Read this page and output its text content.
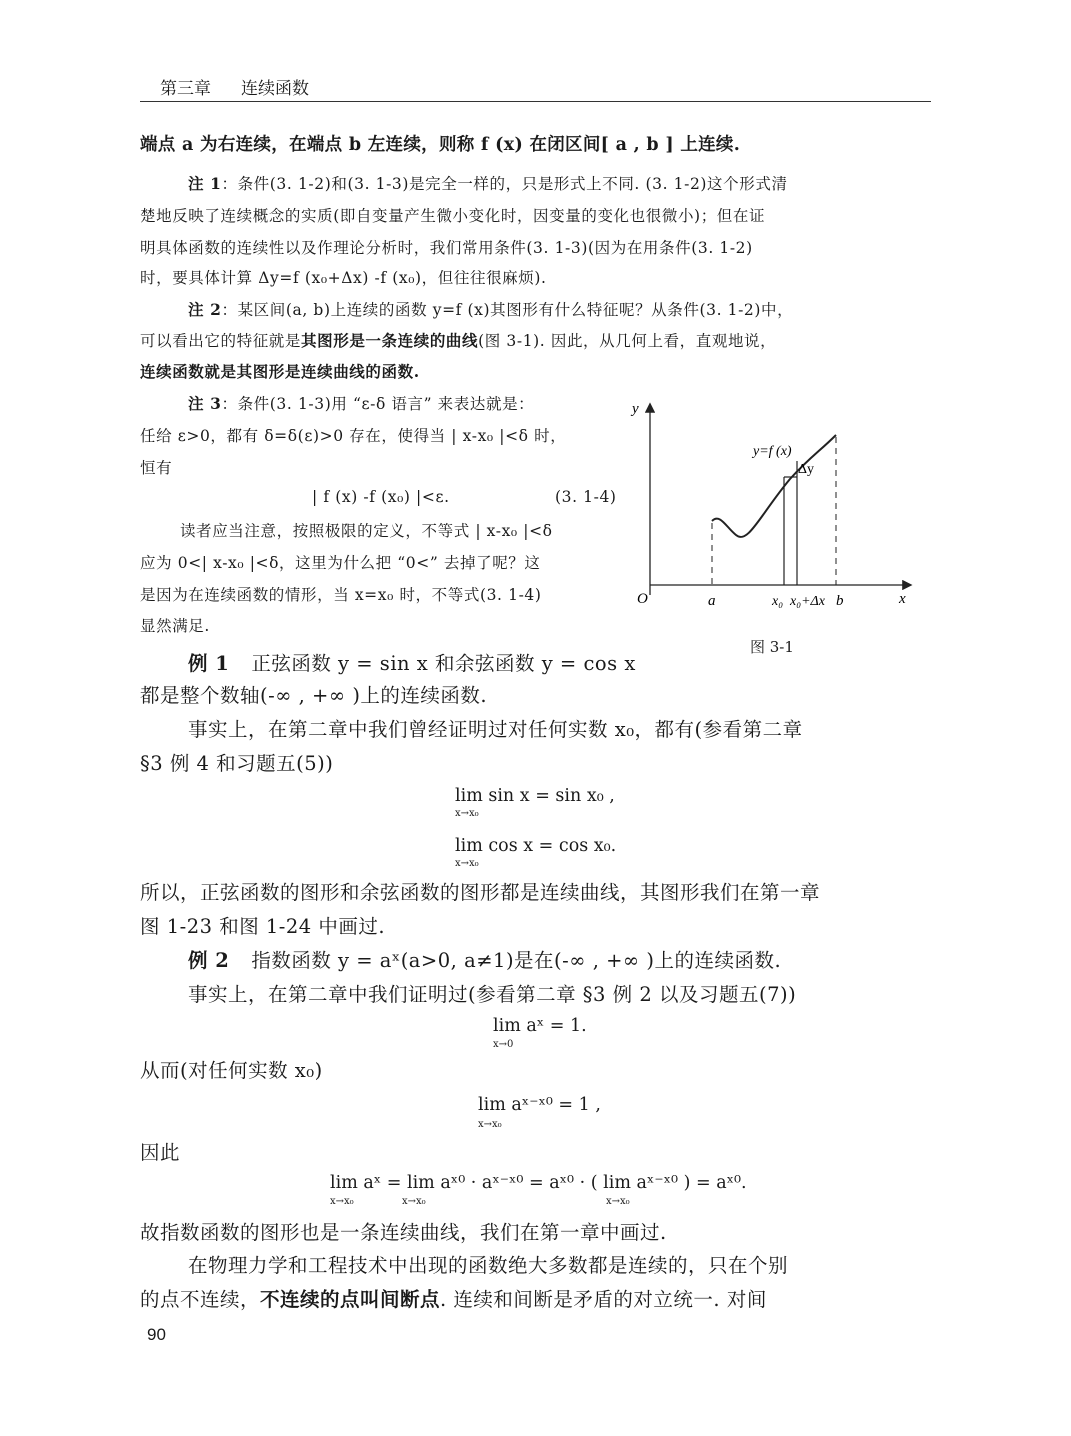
第三章 连续函数
端点 a 为右连续，在端点 b 左连续，则称 f (x) 在闭区间[ a , b ] 上连续.
注 1：条件(3. 1-2)和(3. 1-3)是完全一样的，只是形式上不同. (3. 1-2)这个形式清
楚地反映了连续概念的实质(即自变量产生微小变化时，因变量的变化也很微小)；但在证
明具体函数的连续性以及作理论分析时，我们常用条件(3. 1-3)(因为在用条件(3. 1-2)
时，要具体计算 Δy=f (x₀+Δx) -f (x₀)，但往往很麻烦).
注 2：某区间(a, b)上连续的函数 y=f (x)其图形有什么特征呢？从条件(3. 1-2)中，
可以看出它的特征就是其图形是一条连续的曲线(图 3-1). 因此，从几何上看，直观地说，
连续函数就是其图形是连续曲线的函数.
注 3：条件(3. 1-3)用 “ε-δ 语言” 来表达就是：
任给 ε>0，都有 δ=δ(ε)>0 存在，使得当 | x-x₀ |<δ 时，
恒有
| f (x) -f (x₀) |<ε.	(3. 1-4)
读者应当注意，按照极限的定义，不等式 | x-x₀ |<δ
应为 0<| x-x₀ |<δ，这里为什么把 “0<” 去掉了呢？这
是因为在连续函数的情形，当 x=x₀ 时，不等式(3. 1-4)
显然满足.
y
x
O	a	x₀ x₀+Δx b
y=f (x)
Δy
图 3-1
例 1 正弦函数 y = sin x 和余弦函数 y = cos x
都是整个数轴(-∞ , +∞ )上的连续函数.
事实上，在第二章中我们曾经证明过对任何实数 x₀，都有(参看第二章
§3 例 4 和习题五(5))
lim sin x = sin x₀ ,
x→x₀
lim cos x = cos x₀.
x→x₀
所以，正弦函数的图形和余弦函数的图形都是连续曲线，其图形我们在第一章
图 1-23 和图 1-24 中画过.
例 2 指数函数 y = aˣ(a>0, a≠1)是在(-∞ , +∞ )上的连续函数.
事实上，在第二章中我们证明过(参看第二章 §3 例 2 以及习题五(7))
lim aˣ = 1.
x→0
从而(对任何实数 x₀)
lim aˣ⁻ˣ⁰ = 1 ,
x→x₀
因此
lim aˣ = lim aˣ⁰ · aˣ⁻ˣ⁰ = aˣ⁰ · ( lim aˣ⁻ˣ⁰ ) = aˣ⁰.
x→x₀	x→x₀	x→x₀
故指数函数的图形也是一条连续曲线，我们在第一章中画过.
在物理力学和工程技术中出现的函数绝大多数都是连续的，只在个别
的点不连续，不连续的点叫间断点. 连续和间断是矛盾的对立统一. 对间
90
